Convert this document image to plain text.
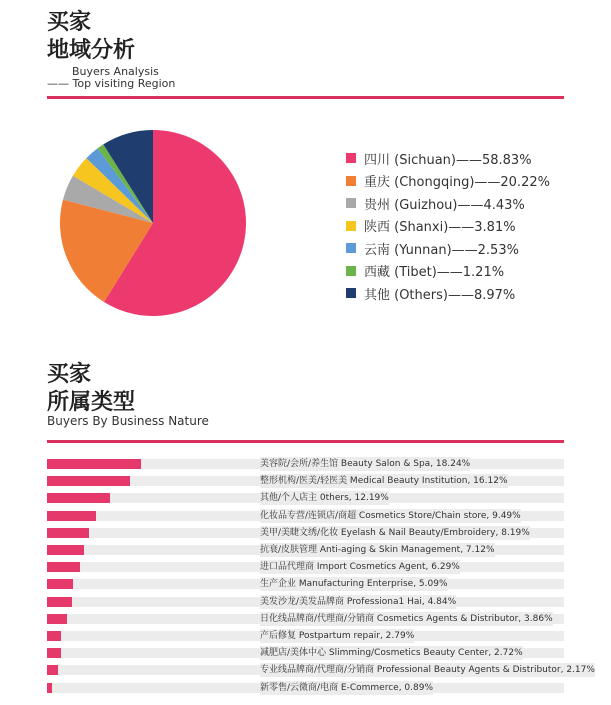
买家
地域分析
Buyers Analysis
—— Top visiting Region
四川 (Sichuan)——58.83%
重庆 (Chongqing)——20.22%
贵州 (Guizhou)——4.43%
陕西 (Shanxi)——3.81%
云南 (Yunnan)——2.53%
西藏 (Tibet)——1.21%
其他 (Others)——8.97%
买家
所属类型
Buyers By Business Nature
美容院/会所/养生馆 Beauty Salon & Spa, 18.24%
整形机构/医美/轻医美 Medical Beauty Institution, 16.12%
其他/个人店主 0thers, 12.19%
化妆品专营/连锁店/商超 Cosmetics Store/Chain store, 9.49%
美甲/美睫文绣/化妆 Eyelash & Nail Beauty/Embroidery, 8.19%
抗衰/皮肤管理 Anti-aging & Skin Management, 7.12%
进口品代理商 Import Cosmetics Agent, 6.29%
生产企业 Manufacturing Enterprise, 5.09%
美发沙龙/美发品牌商 Professiona1 Hai, 4.84%
日化线品牌商/代理商/分销商 Cosmetics Agents & Distributor, 3.86%
产后修复 Postpartum repair, 2.79%
减肥店/美体中心 Slimming/Cosmetics Beauty Center, 2.72%
专业线品牌商/代理商/分销商 Professional Beauty Agents & Distributor, 2.17%
新零售/云微商/电商 E-Commerce, 0.89%
